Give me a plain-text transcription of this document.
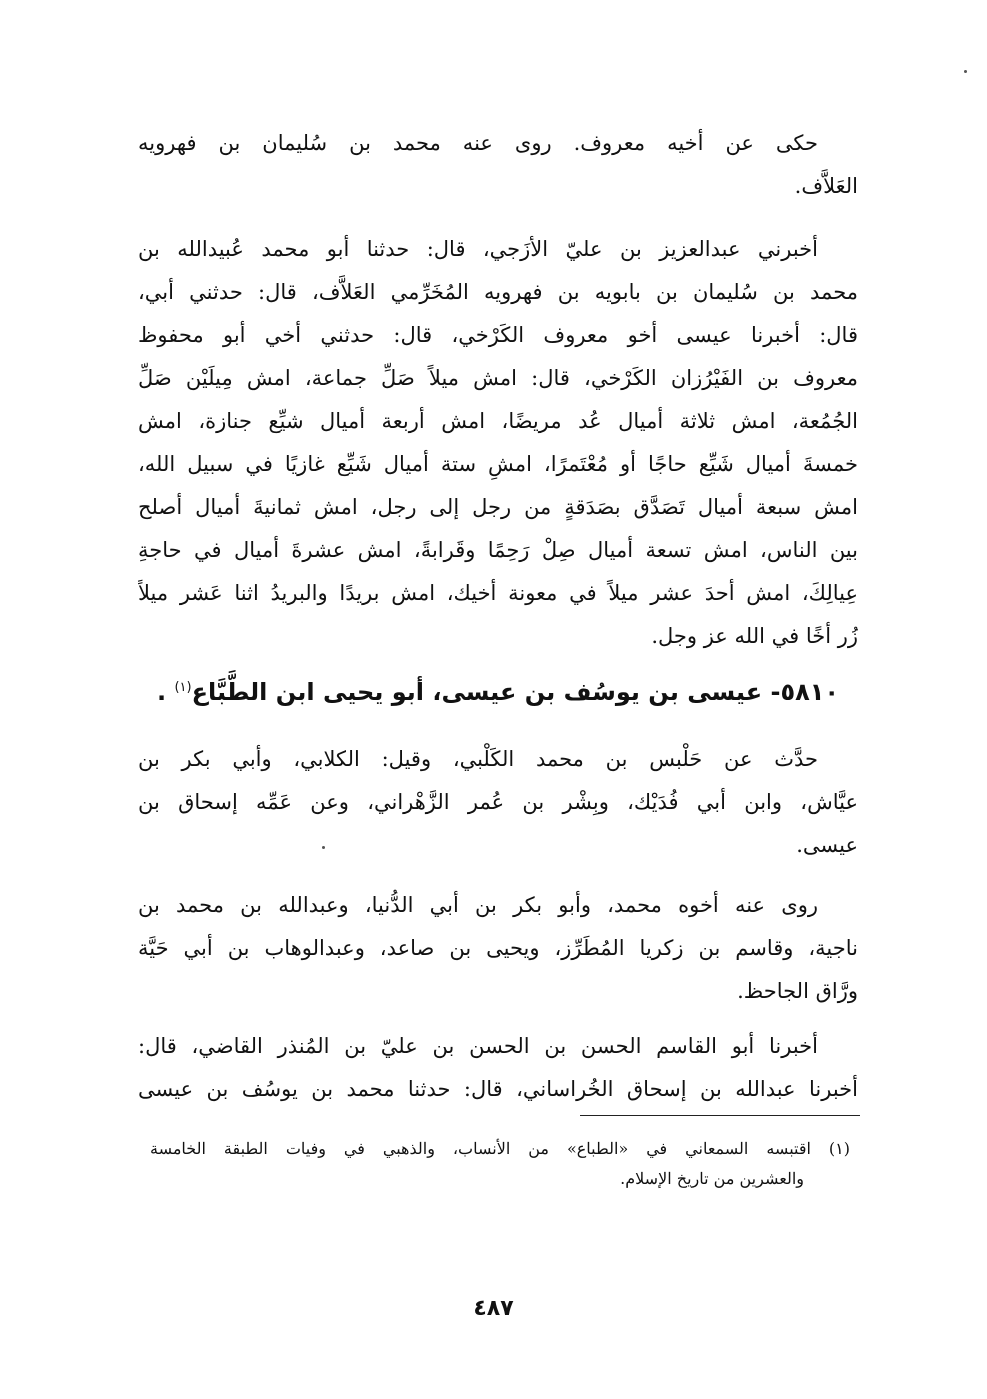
حكى عن أخيه معروف. روى عنه محمد بن سُليمان بن فهرويه
العَلاَّف.
أخبرني عبدالعزيز بن عليّ الأزَجي، قال: حدثنا أبو محمد عُبيدالله بن
محمد بن سُليمان بن بابويه بن فهرويه المُخَرِّمي العَلاَّف، قال: حدثني أبي،
قال: أخبرنا عيسى أخو معروف الكَرْخي، قال: حدثني أخي أبو محفوظ
معروف بن الفَيْرُزان الكَرْخي، قال: امش ميلاً صَلِّ جماعة، امش مِيلَيْن صَلِّ
الجُمُعة، امش ثلاثة أميال عُد مريضًا، امش أربعة أميال شيِّع جنازة، امش
خمسةَ أميال شَيِّع حاجًا أو مُعْتَمرًا، امشِ ستة أميال شَيِّع غازيًا في سبيل الله،
امش سبعة أميال تَصَدَّق بصَدَقةٍ من رجل إلى رجل، امش ثمانيةَ أميال أصلح
بين الناس، امش تسعة أميال صِلْ رَحِمًا وقَرابةً، امش عشرةَ أميال في حاجةِ
عِيالِكَ، امش أحدَ عشر ميلاً في معونة أخيك، امش بريدًا والبريدُ اثنا عَشر ميلاً
زُر أخًا في الله عز وجل.
٥٨١٠- عيسى بن يوسُف بن عيسى، أبو يحيى ابن الطَّبَّاع$^{(١)}$ .
حدَّث عن حَلْبس بن محمد الكَلْبي، وقيل: الكلابي، وأبي بكر بن
عيَّاش، وابن أبي فُدَيْك، وبِشْر بن عُمر الزَّهْراني، وعن عَمِّه إسحاق بن
عيسى.
روى عنه أخوه محمد، وأبو بكر بن أبي الدُّنيا، وعبدالله بن محمد بن
ناجية، وقاسم بن زكريا المُطَرِّز، ويحيى بن صاعد، وعبدالوهاب بن أبي حَيَّة
ورَّاق الجاحظ.
أخبرنا أبو القاسم الحسن بن الحسن بن عليّ بن المُنذر القاضي، قال:
أخبرنا عبدالله بن إسحاق الخُراساني، قال: حدثنا محمد بن يوسُف بن عيسى
(١) اقتبسه السمعاني في «الطباع» من الأنساب، والذهبي في وفيات الطبقة الخامسة
والعشرين من تاريخ الإسلام.
٤٨٧
